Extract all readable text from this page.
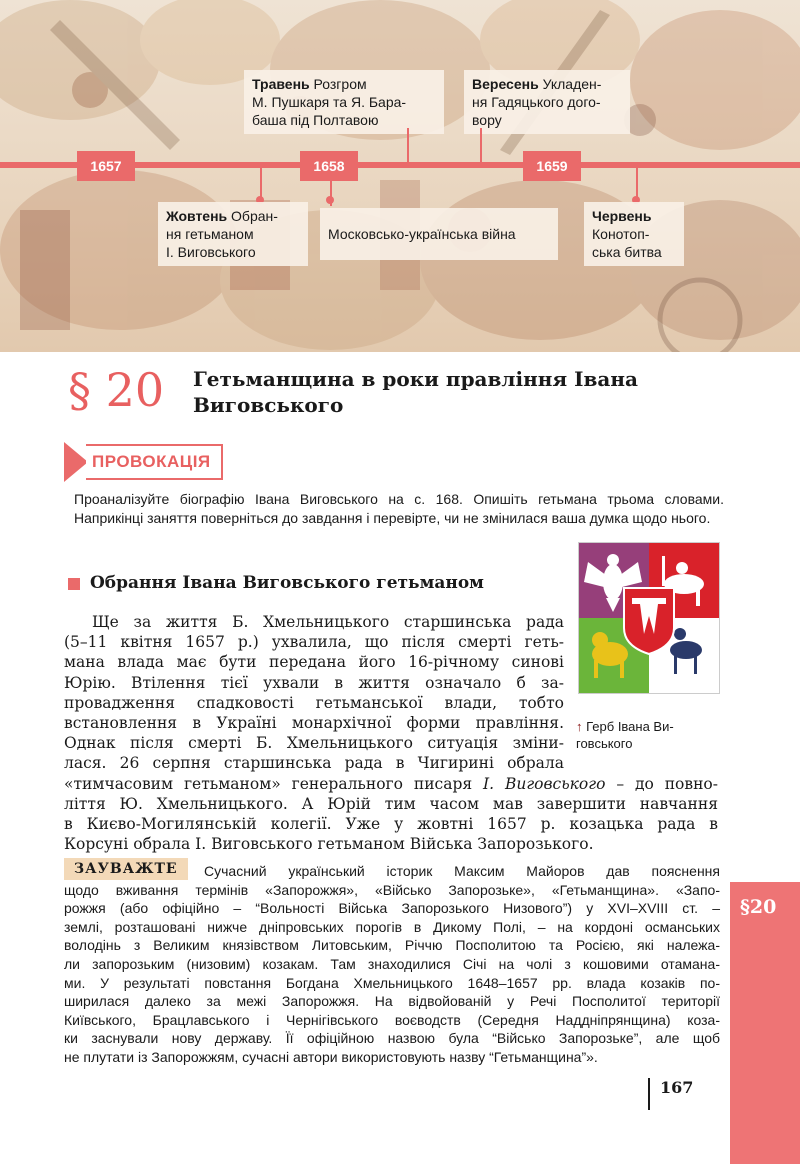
Травень Розгром
М. Пушкаря та Я. Бара-
баша під Полтавою
Вересень Укладен-
ня Гадяцького дого-
вору
1657	1658	1659
Жовтень Обран-
ня гетьманом
І. Виговського
Московсько-українська війна
Червень
Конотоп-
ська битва
§ 20 Гетьманщина в роки правління Івана Виговського
ПРОВОКАЦІЯ
Проаналізуйте біографію Івана Виговського на с. 168. Опишіть гетьмана трьома словами. Наприкінці заняття поверніться до завдання і перевірте, чи не змінилася ваша думка щодо нього.
↑ Герб Івана Ви-
говського
Обрання Івана Виговського гетьманом
Ще за життя Б. Хмельницького старшинська рада
(5–11 квітня 1657 р.) ухвалила, що після смерті геть-
мана влада має бути передана його 16-річному синові
Юрію. Втілення тієї ухвали в життя означало б за-
провадження спадковості гетьманської влади, тобто
встановлення в Україні монархічної форми правління.
Однак після смерті Б. Хмельницького ситуація зміни-
лася. 26 серпня старшинська рада в Чигирині обрала
«тимчасовим гетьманом» генерального писаря І. Виговського – до повно-
ліття Ю. Хмельницького. А Юрій тим часом мав завершити навчання
в Києво-Могилянській колегії. Уже у жовтні 1657 р. козацька рада в
Корсуні обрала І. Виговського гетьманом Війська Запорозького.
Сучасний український історик Максим Майоров дав пояснення
щодо вживання термінів «Запорожжя», «Військо Запорозьке», «Гетьманщина». «Запо-
рожжя (або офіційно – “Вольності Війська Запорозького Низового”) у XVI–XVIII ст. –
землі, розташовані нижче дніпровських порогів в Дикому Полі, – на кордоні османських
володінь з Великим князівством Литовським, Річчю Посполитою та Росією, які належа-
ли запорозьким (низовим) козакам. Там знаходилися Січі на чолі з кошовими отамана-
ми. У результаті повстання Богдана Хмельницького 1648–1657 рр. влада козаків по-
ширилася далеко за межі Запорожжя. На відвойованій у Речі Посполитої території
Київського, Брацлавського і Чернігівського воєводств (Середня Наддніпрянщина) коза-
ки заснували нову державу. Її офіційною назвою була “Військо Запорозьке”, але щоб
не плутати із Запорожжям, сучасні автори використовують назву “Гетьманщина”».
ЗАУВАЖТЕ
§20
167
